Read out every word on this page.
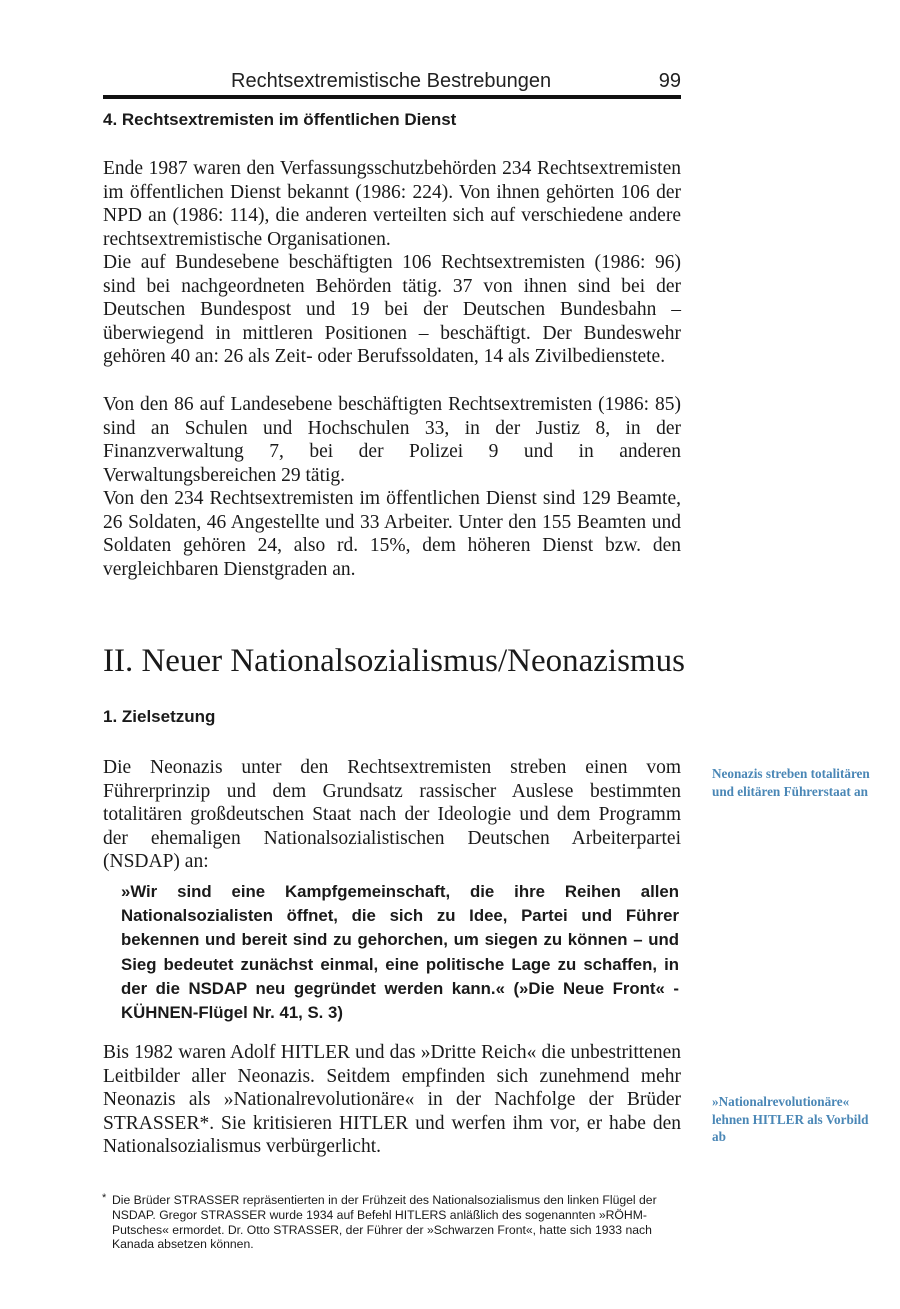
Rechtsextremistische Bestrebungen	99
4. Rechtsextremisten im öffentlichen Dienst

Ende 1987 waren den Verfassungsschutzbehörden 234 Rechtsextremisten im öffentlichen Dienst bekannt (1986: 224). Von ihnen gehörten 106 der NPD an (1986: 114), die anderen verteilten sich auf verschiedene andere rechtsextremistische Organisationen.

Die auf Bundesebene beschäftigten 106 Rechtsextremisten (1986: 96) sind bei nachgeordneten Behörden tätig. 37 von ihnen sind bei der Deutschen Bundespost und 19 bei der Deutschen Bundesbahn – überwiegend in mittleren Positionen – beschäftigt. Der Bundeswehr gehören 40 an: 26 als Zeit- oder Berufssoldaten, 14 als Zivilbedienstete.

Von den 86 auf Landesebene beschäftigten Rechtsextremisten (1986: 85) sind an Schulen und Hochschulen 33, in der Justiz 8, in der Finanzverwaltung 7, bei der Polizei 9 und in anderen Verwaltungsbereichen 29 tätig.

Von den 234 Rechtsextremisten im öffentlichen Dienst sind 129 Beamte, 26 Soldaten, 46 Angestellte und 33 Arbeiter. Unter den 155 Beamten und Soldaten gehören 24, also rd. 15%, dem höheren Dienst bzw. den vergleichbaren Dienstgraden an.

II. Neuer Nationalsozialismus/Neonazismus
1. Zielsetzung

Die Neonazis unter den Rechtsextremisten streben einen vom Führerprinzip und dem Grundsatz rassischer Auslese bestimmten totalitären großdeutschen Staat nach der Ideologie und dem Programm der ehemaligen Nationalsozialistischen Deutschen Arbeiterpartei (NSDAP) an:

»Wir sind eine Kampfgemeinschaft, die ihre Reihen allen Nationalsozialisten öffnet, die sich zu Idee, Partei und Führer bekennen und bereit sind zu gehorchen, um siegen zu können – und Sieg bedeutet zunächst einmal, eine politische Lage zu schaffen, in der die NSDAP neu gegründet werden kann.« (»Die Neue Front« - KÜHNEN-Flügel Nr. 41, S. 3)

Bis 1982 waren Adolf HITLER und das »Dritte Reich« die unbestrittenen Leitbilder aller Neonazis. Seitdem empfinden sich zunehmend mehr Neonazis als »Nationalrevolutionäre« in der Nachfolge der Brüder STRASSER*. Sie kritisieren HITLER und werfen ihm vor, er habe den Nationalsozialismus verbürgerlicht.

* Die Brüder STRASSER repräsentierten in der Frühzeit des Nationalsozialismus den linken Flügel der NSDAP. Gregor STRASSER wurde 1934 auf Befehl HITLERS anläßlich des sogenannten »RÖHM-Putsches« ermordet. Dr. Otto STRASSER, der Führer der »Schwarzen Front«, hatte sich 1933 nach Kanada absetzen können.

Neonazis streben totalitären und elitären Führerstaat an

»Nationalrevolutionäre« lehnen HITLER als Vorbild ab
